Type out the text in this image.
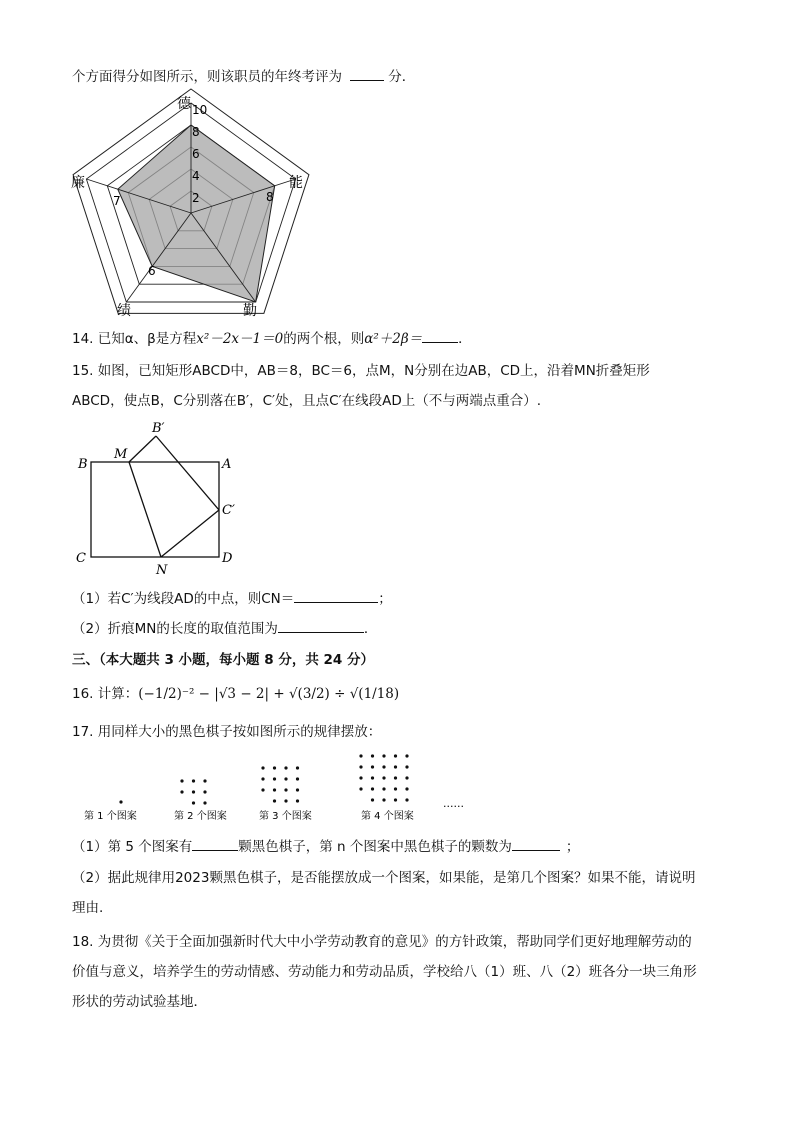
个方面得分如图所示，则该职员的年终考评为	分．
2
4
6
8
10
德
能
勤
绩
廉
8
6
7
14. 已知α、β是方程x²－2x－1＝0的两个根，则α²＋2β＝	．
15. 如图，已知矩形ABCD中，AB＝8，BC＝6，点M，N分别在边AB，CD上，沿着MN折叠矩形
ABCD，使点B，C分别落在B′，C′处，且点C′在线段AD上（不与两端点重合）.
B′
M
B	A
C′
C
N
D
（1）若C′为线段AD的中点，则CN＝	；
（2）折痕MN的长度的取值范围为	．
三、（本大题共 3 小题，每小题 8 分，共 24 分）
16. 计算：(−1/2)⁻² − |√3 − 2| + √(3/2) ÷ √(1/18)
17. 用同样大小的黑色棋子按如图所示的规律摆放：
第 1 个图案	第 2 个图案	第 3 个图案	第 4 个图案
......
（1）第 5 个图案有	颗黑色棋子，第 n 个图案中黑色棋子的颗数为	；
（2）据此规律用2023颗黑色棋子，是否能摆放成一个图案，如果能，是第几个图案？如果不能，请说明
理由.
18. 为贯彻《关于全面加强新时代大中小学劳动教育的意见》的方针政策，帮助同学们更好地理解劳动的
价值与意义，培养学生的劳动情感、劳动能力和劳动品质，学校给八（1）班、八（2）班各分一块三角形
形状的劳动试验基地．
